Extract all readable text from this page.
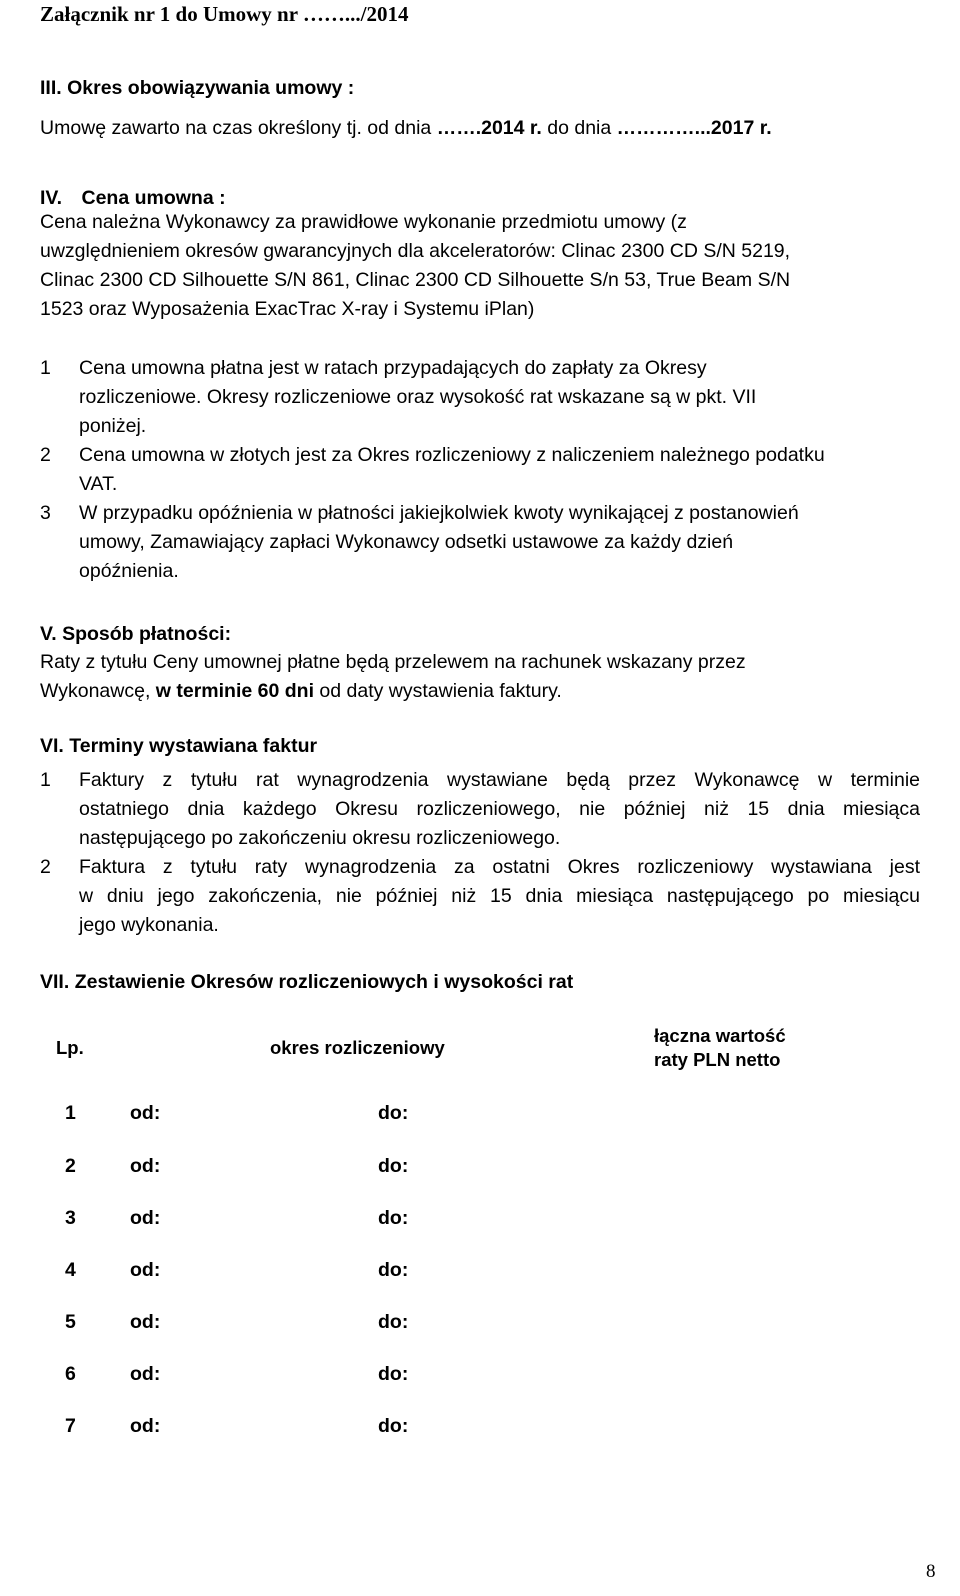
Załącznik nr 1 do Umowy nr …….../2014
III. Okres obowiązywania umowy :
Umowę zawarto na czas określony tj. od dnia …….2014 r. do dnia …………...2017 r.
IV. Cena umowna :
Cena należna Wykonawcy za prawidłowe wykonanie przedmiotu umowy (z
uwzględnieniem okresów gwarancyjnych dla akceleratorów: Clinac 2300 CD S/N 5219,
Clinac 2300 CD Silhouette S/N 861, Clinac 2300 CD Silhouette S/n 53, True Beam S/N
1523 oraz Wyposażenia ExacTrac X-ray i Systemu iPlan)
1 Cena umowna płatna jest w ratach przypadających do zapłaty za Okresy
rozliczeniowe. Okresy rozliczeniowe oraz wysokość rat wskazane są w pkt. VII
poniżej.
2 Cena umowna w złotych jest za Okres rozliczeniowy z naliczeniem należnego podatku
VAT.
3 W przypadku opóźnienia w płatności jakiejkolwiek kwoty wynikającej z postanowień
umowy, Zamawiający zapłaci Wykonawcy odsetki ustawowe za każdy dzień
opóźnienia.
V. Sposób płatności:
Raty z tytułu Ceny umownej płatne będą przelewem na rachunek wskazany przez
Wykonawcę, w terminie 60 dni od daty wystawienia faktury.
VI. Terminy wystawiana faktur
1 Faktury z tytułu rat wynagrodzenia wystawiane będą przez Wykonawcę w terminie
ostatniego dnia każdego Okresu rozliczeniowego, nie później niż 15 dnia miesiąca
następującego po zakończeniu okresu rozliczeniowego.
2 Faktura z tytułu raty wynagrodzenia za ostatni Okres rozliczeniowy wystawiana jest
w dniu jego zakończenia, nie później niż 15 dnia miesiąca następującego po miesiącu
jego wykonania.
VII. Zestawienie Okresów rozliczeniowych i wysokości rat
Lp.	okres rozliczeniowy
łączna wartość
raty PLN netto
1	od:	do:
2	od:	do:
3	od:	do:
4	od:	do:
5	od:	do:
6	od:	do:
7	od:	do:
8
